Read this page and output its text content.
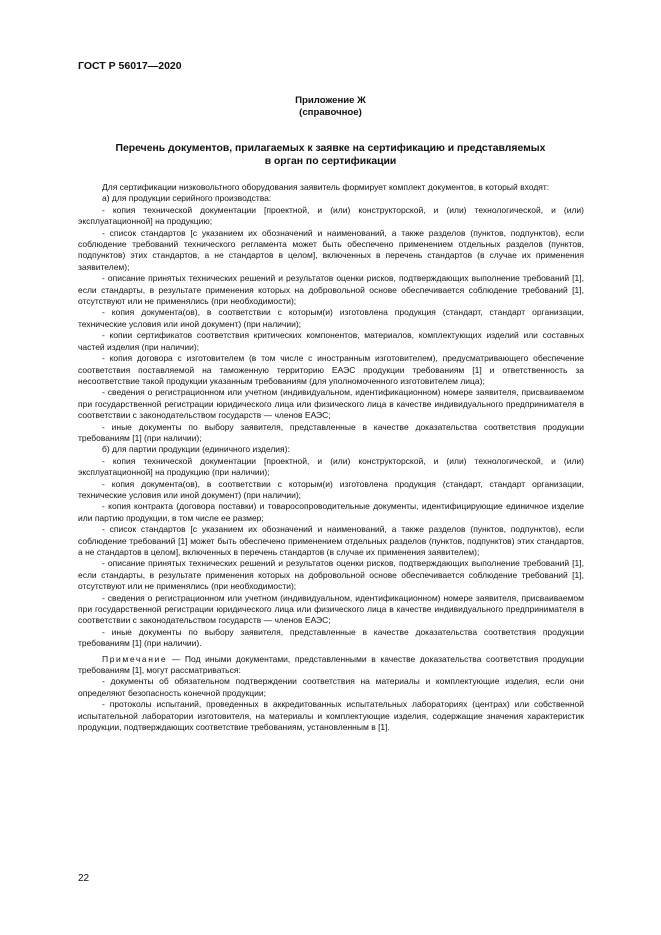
ГОСТ Р 56017—2020
Приложение Ж
(справочное)
Перечень документов, прилагаемых к заявке на сертификацию и представляемых
в орган по сертификации

Для сертификации низковольтного оборудования заявитель формирует комплект документов, в который входят:

а) для продукции серийного производства:

- копия технической документации [проектной, и (или) конструкторской, и (или) технологической, и (или) эксплуатационной] на продукцию;

- список стандартов [с указанием их обозначений и наименований, а также разделов (пунктов, подпунктов), если соблюдение требований технического регламента может быть обеспечено применением отдельных разделов (пунктов, подпунктов) этих стандартов, а не стандартов в целом], включенных в перечень стандартов (в случае их применения заявителем);

- описание принятых технических решений и результатов оценки рисков, подтверждающих выполнение требований [1], если стандарты, в результате применения которых на добровольной основе обеспечивается соблюдение требований [1], отсутствуют или не применялись (при необходимости);

- копия документа(ов), в соответствии с которым(и) изготовлена продукция (стандарт, стандарт организации, технические условия или иной документ) (при наличии);

- копии сертификатов соответствия критических компонентов, материалов, комплектующих изделий или составных частей изделия (при наличии);

- копия договора с изготовителем (в том числе с иностранным изготовителем), предусматривающего обеспечение соответствия поставляемой на таможенную территорию ЕАЭС продукции требованиям [1] и ответственность за несоответствие такой продукции указанным требованиям (для уполномоченного изготовителем лица);

- сведения о регистрационном или учетном (индивидуальном, идентификационном) номере заявителя, присваиваемом при государственной регистрации юридического лица или физического лица в качестве индивидуального предпринимателя в соответствии с законодательством государств — членов ЕАЭС;

- иные документы по выбору заявителя, представленные в качестве доказательства соответствия продукции требованиям [1] (при наличии);

б) для партии продукции (единичного изделия):

- копия технической документации [проектной, и (или) конструкторской, и (или) технологической, и (или) эксплуатационной] на продукцию (при наличии);

- копия документа(ов), в соответствии с которым(и) изготовлена продукция (стандарт, стандарт организации, технические условия или иной документ) (при наличии);

- копия контракта (договора поставки) и товаросопроводительные документы, идентифицирующие единичное изделие или партию продукции, в том числе ее размер;

- список стандартов [с указанием их обозначений и наименований, а также разделов (пунктов, подпунктов), если соблюдение требований [1] может быть обеспечено применением отдельных разделов (пунктов, подпунктов) этих стандартов, а не стандартов в целом], включенных в перечень стандартов (в случае их применения заявителем);

- описание принятых технических решений и результатов оценки рисков, подтверждающих выполнение требований [1], если стандарты, в результате применения которых на добровольной основе обеспечивается соблюдение требований [1], отсутствуют или не применялись (при необходимости);

- сведения о регистрационном или учетном (индивидуальном, идентификационном) номере заявителя, присваиваемом при государственной регистрации юридического лица или физического лица в качестве индивидуального предпринимателя в соответствии с законодательством государств — членов ЕАЭС;

- иные документы по выбору заявителя, представленные в качестве доказательства соответствия продукции требованиям [1] (при наличии).

Примечание — Под иными документами, представленными в качестве доказательства соответствия продукции требованиям [1], могут рассматриваться:

- документы об обязательном подтверждении соответствия на материалы и комплектующие изделия, если они определяют безопасность конечной продукции;

- протоколы испытаний, проведенных в аккредитованных испытательных лабораториях (центрах) или собственной испытательной лаборатории изготовителя, на материалы и комплектующие изделия, содержащие значения характеристик продукции, подтверждающих соответствие требованиям, установленным в [1].

22
